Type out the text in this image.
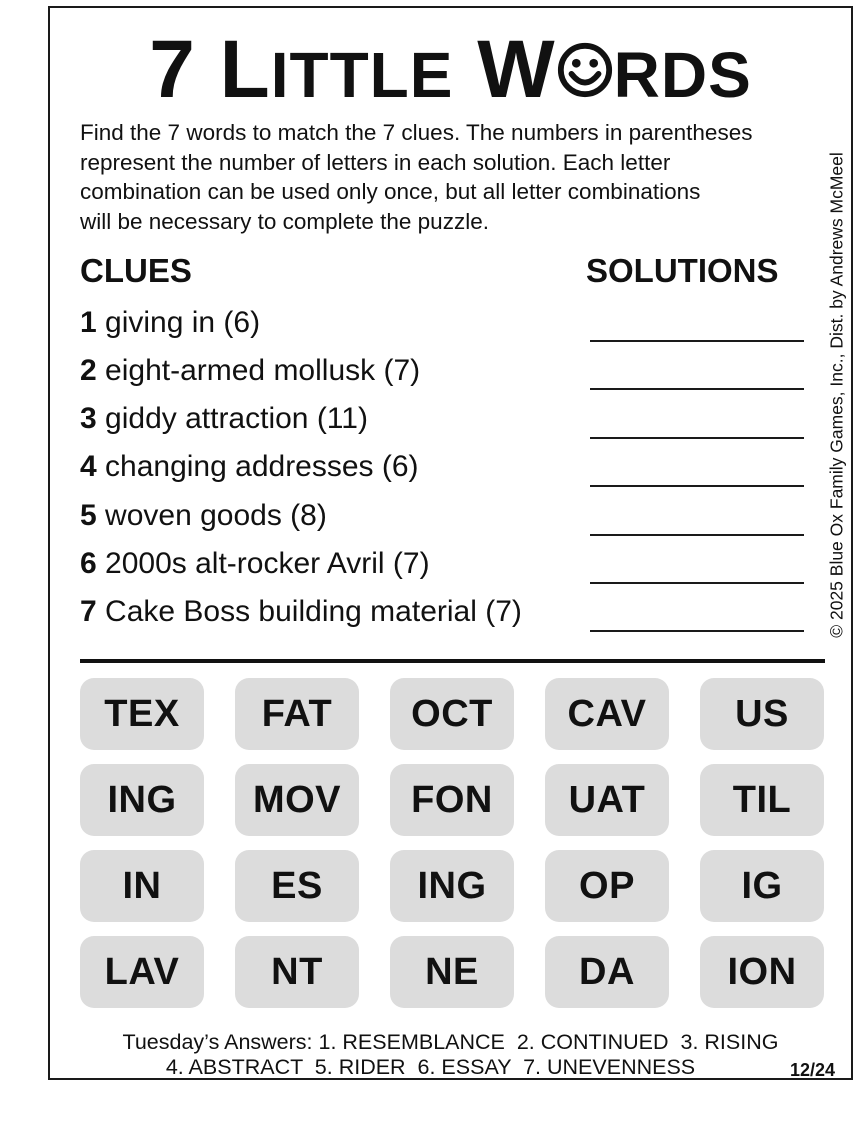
7 LITTLE W RDS
Find the 7 words to match the 7 clues. The numbers in parentheses
represent the number of letters in each solution. Each letter
combination can be used only once, but all letter combinations
will be necessary to complete the puzzle.	© 2025 Blue Ox Family Games, Inc., Dist. by Andrews McMeel
CLUES	SOLUTIONS
1 giving in (6)
2 eight-armed mollusk (7)
3 giddy attraction (11)
4 changing addresses (6)
5 woven goods (8)
6 2000s alt-rocker Avril (7)
7 Cake Boss building material (7)
TEX	FAT	OCT	CAV	US
ING	MOV	FON	UAT	TIL
IN	ES	ING	OP	IG
LAV	NT	NE	DA	ION
Tuesday’s Answers: 1. RESEMBLANCE  2. CONTINUED  3. RISING
4. ABSTRACT  5. RIDER  6. ESSAY  7. UNEVENNESS	12/24
